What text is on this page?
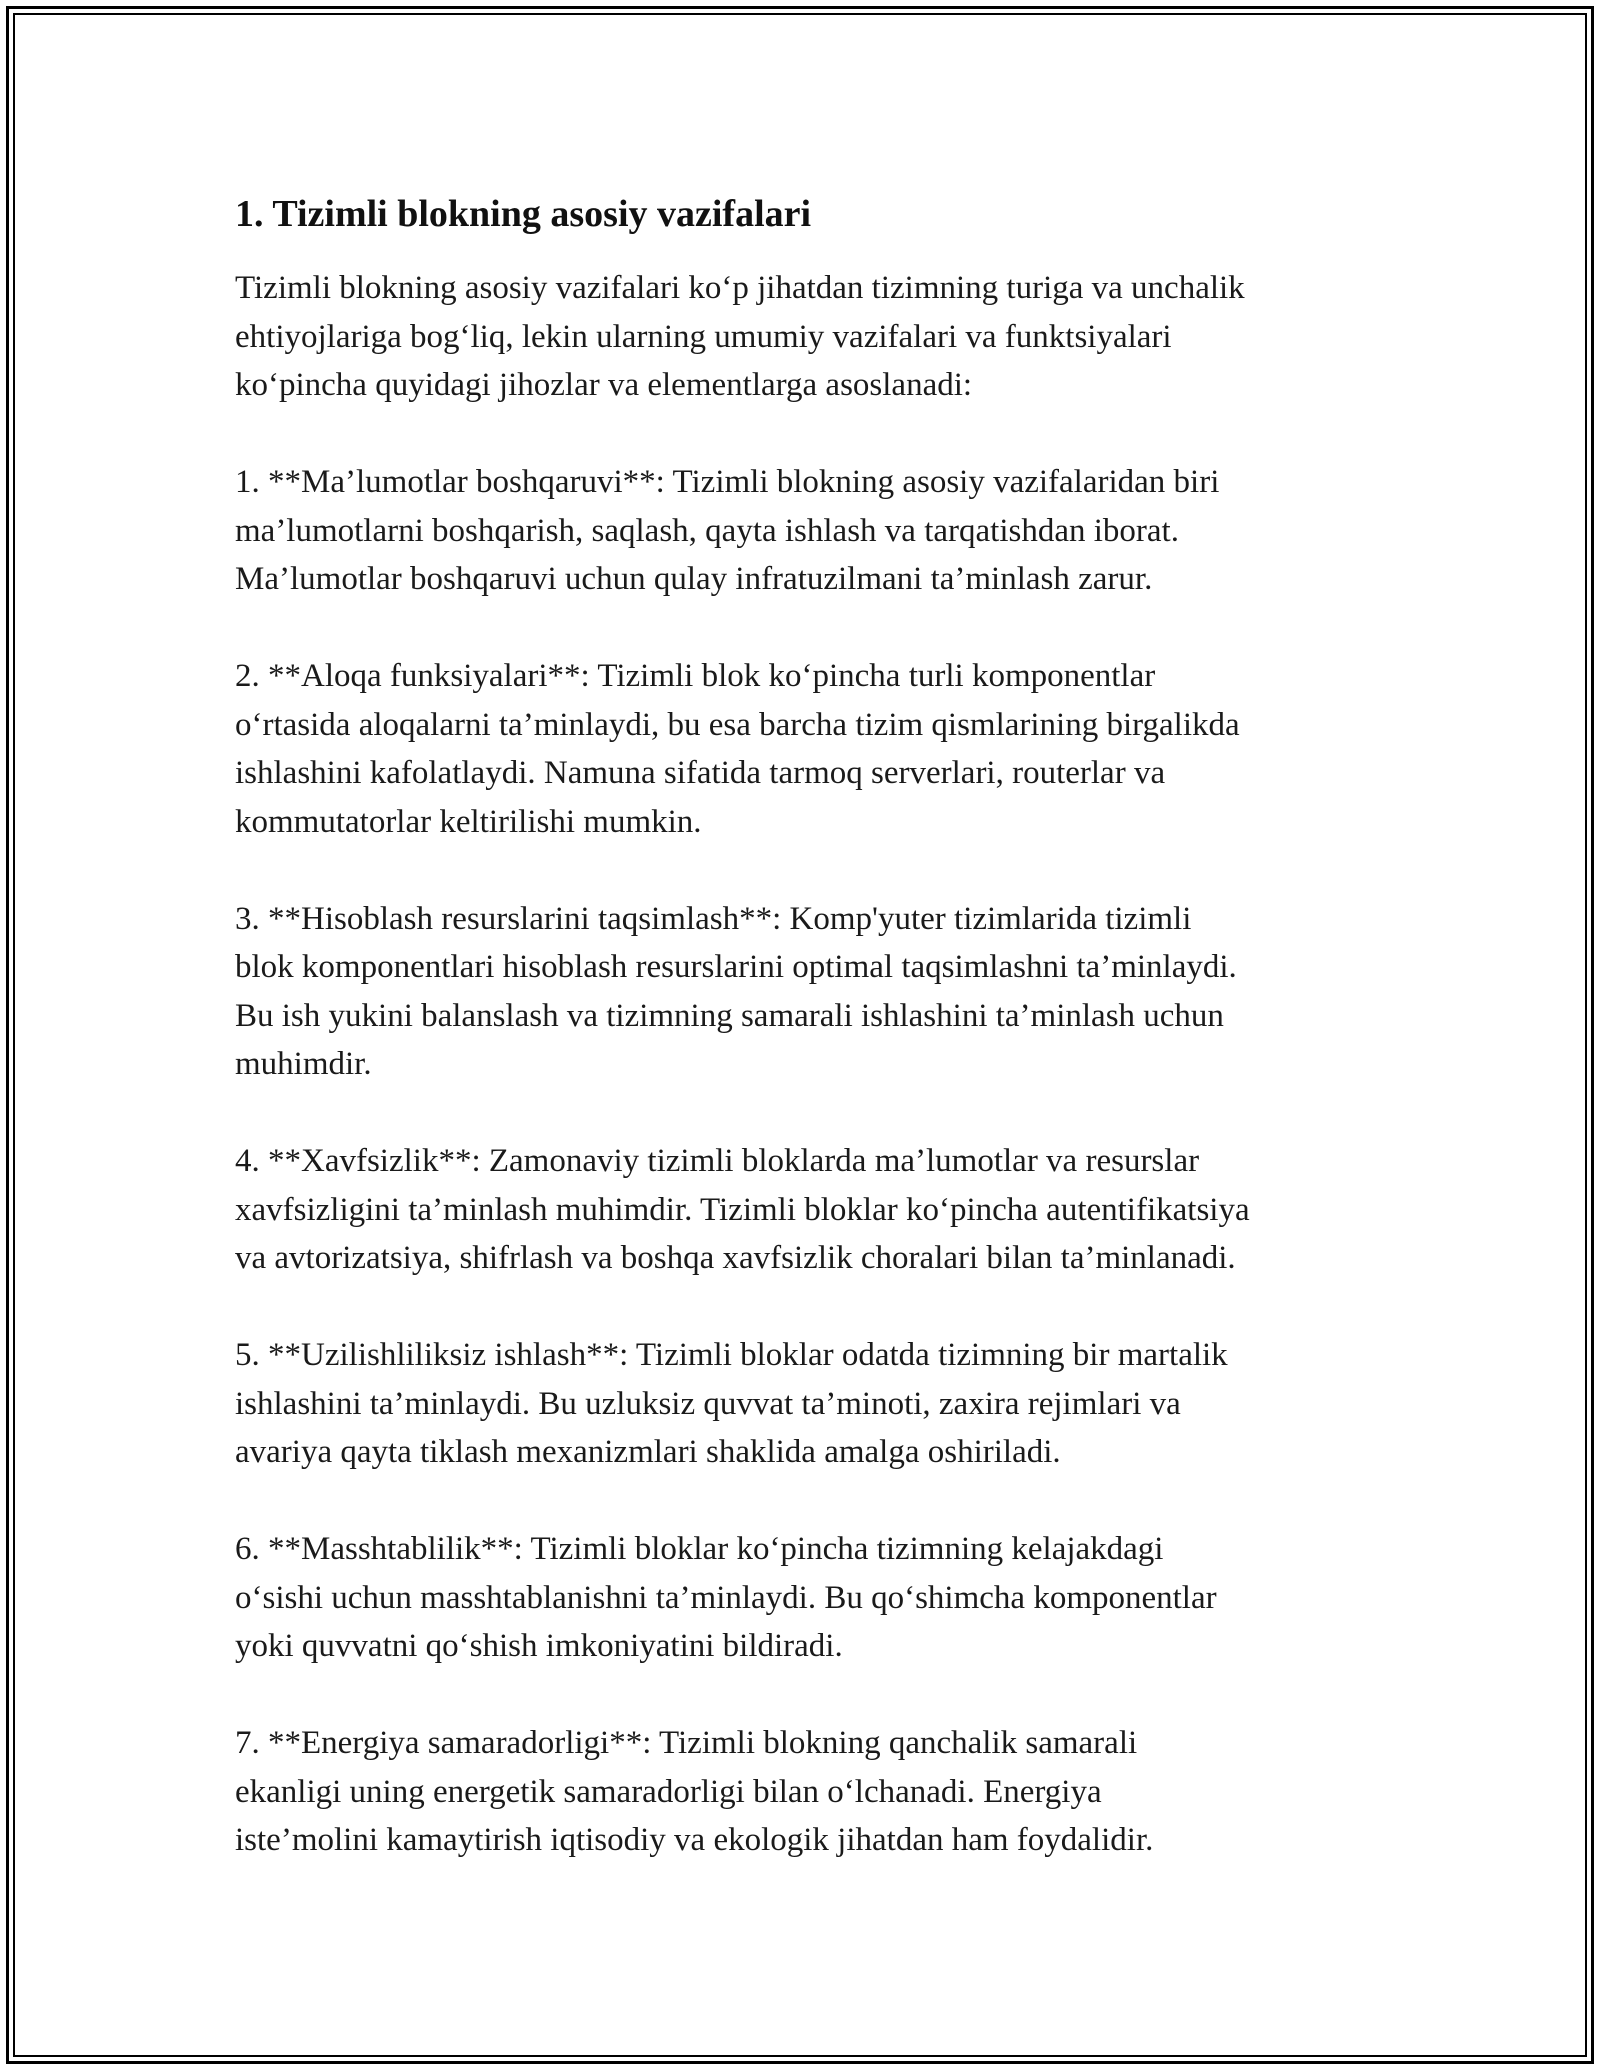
1. Tizimli blokning asosiy vazifalari

Tizimli blokning asosiy vazifalari ko‘p jihatdan tizimning turiga va unchalik
ehtiyojlariga bog‘liq, lekin ularning umumiy vazifalari va funktsiyalari
ko‘pincha quyidagi jihozlar va elementlarga asoslanadi:

1. **Ma’lumotlar boshqaruvi**: Tizimli blokning asosiy vazifalaridan biri
ma’lumotlarni boshqarish, saqlash, qayta ishlash va tarqatishdan iborat.
Ma’lumotlar boshqaruvi uchun qulay infratuzilmani ta’minlash zarur.

2. **Aloqa funksiyalari**: Tizimli blok ko‘pincha turli komponentlar
o‘rtasida aloqalarni ta’minlaydi, bu esa barcha tizim qismlarining birgalikda
ishlashini kafolatlaydi. Namuna sifatida tarmoq serverlari, routerlar va
kommutatorlar keltirilishi mumkin.

3. **Hisoblash resurslarini taqsimlash**: Komp'yuter tizimlarida tizimli
blok komponentlari hisoblash resurslarini optimal taqsimlashni ta’minlaydi.
Bu ish yukini balanslash va tizimning samarali ishlashini ta’minlash uchun
muhimdir.

4. **Xavfsizlik**: Zamonaviy tizimli bloklarda ma’lumotlar va resurslar
xavfsizligini ta’minlash muhimdir. Tizimli bloklar ko‘pincha autentifikatsiya
va avtorizatsiya, shifrlash va boshqa xavfsizlik choralari bilan ta’minlanadi.

5. **Uzilishliliksiz ishlash**: Tizimli bloklar odatda tizimning bir martalik
ishlashini ta’minlaydi. Bu uzluksiz quvvat ta’minoti, zaxira rejimlari va
avariya qayta tiklash mexanizmlari shaklida amalga oshiriladi.

6. **Masshtablilik**: Tizimli bloklar ko‘pincha tizimning kelajakdagi
o‘sishi uchun masshtablanishni ta’minlaydi. Bu qo‘shimcha komponentlar
yoki quvvatni qo‘shish imkoniyatini bildiradi.

7. **Energiya samaradorligi**: Tizimli blokning qanchalik samarali
ekanligi uning energetik samaradorligi bilan o‘lchanadi. Energiya
iste’molini kamaytirish iqtisodiy va ekologik jihatdan ham foydalidir.
